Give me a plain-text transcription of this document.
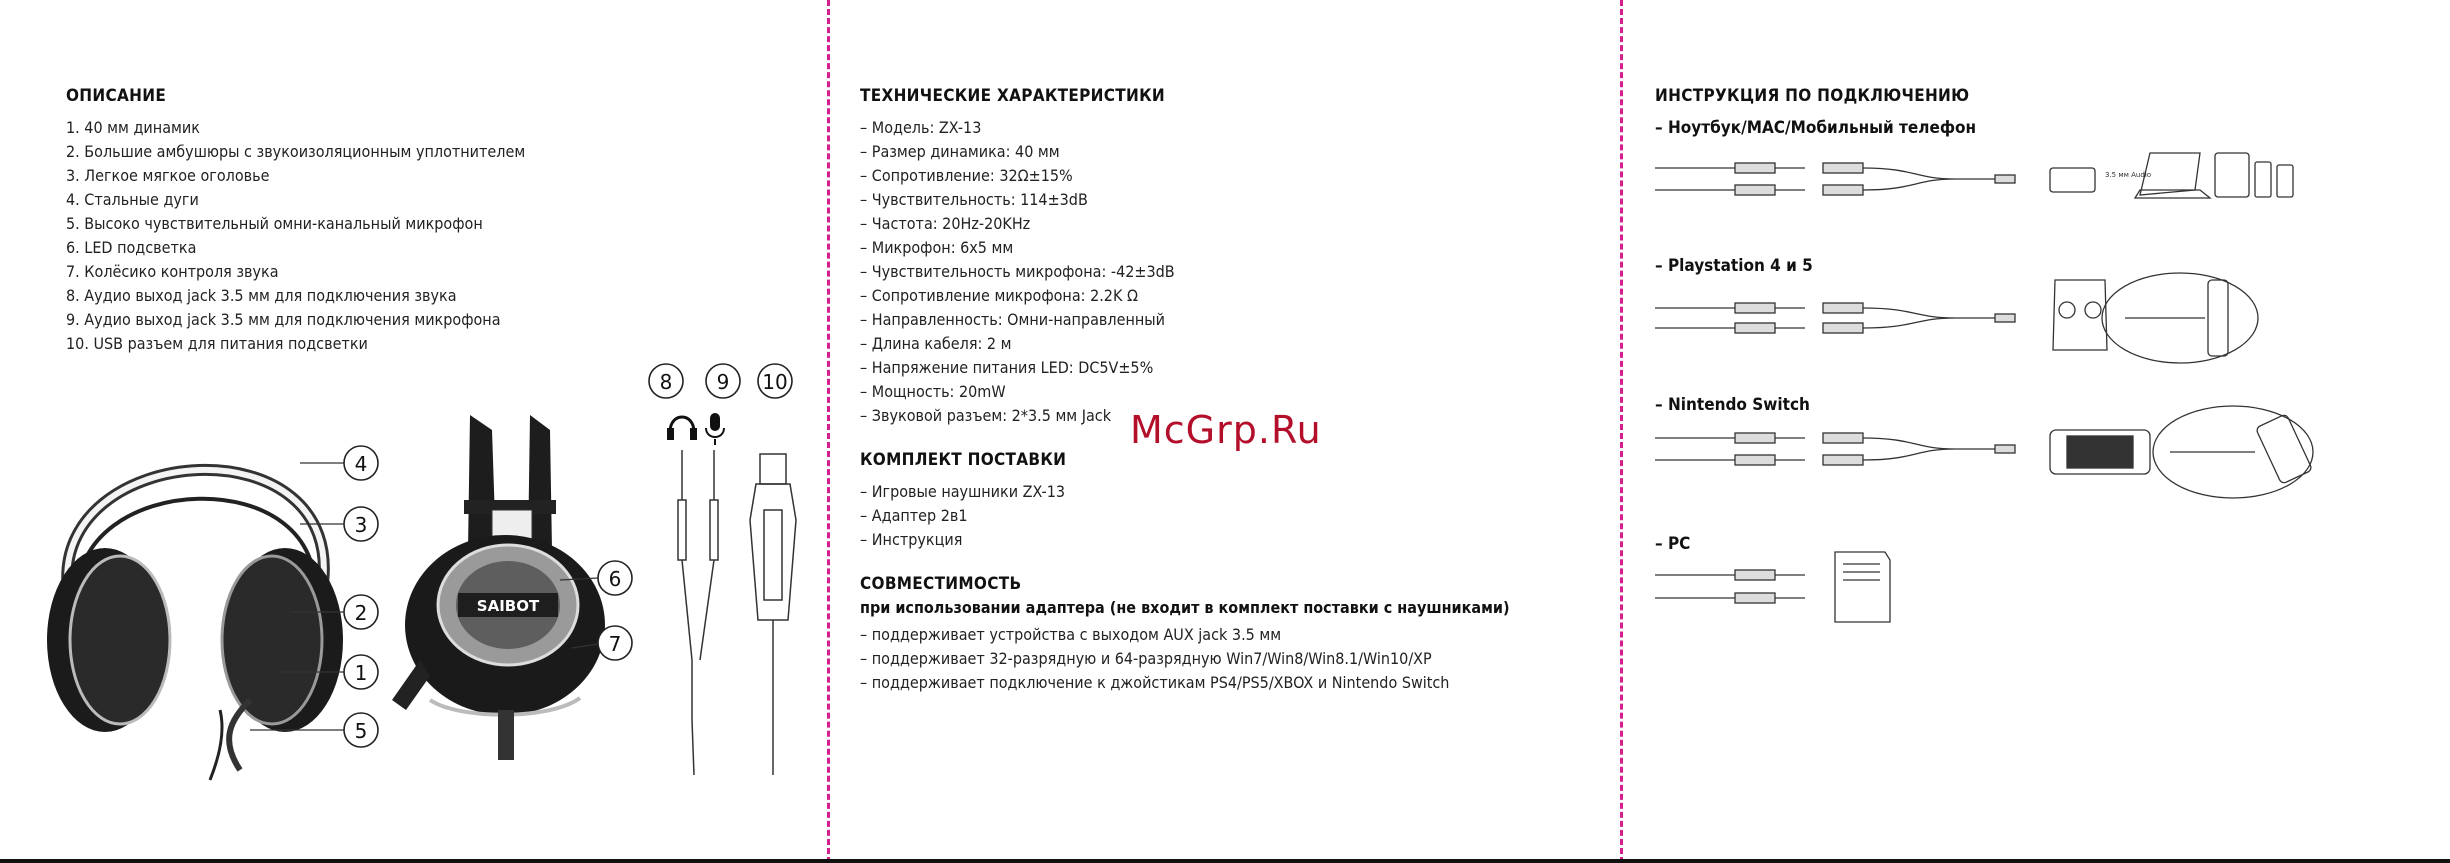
ОПИСАНИЕ
1. 40 мм динамик
2. Большие амбушюры с звукоизоляционным уплотнителем
3. Легкое мягкое оголовье
4. Стальные дуги
5. Высоко чувствительный омни-канальный микрофон
6. LED подсветка
7. Колёсико контроля звука
8. Аудио выход jack 3.5 мм для подключения звука
9. Аудио выход jack 3.5 мм для подключения микрофона
10. USB разъем для питания подсветки
4
3
2
1
5
SAIBOT
6
7
8 9 10
ТЕХНИЧЕСКИЕ ХАРАКТЕРИСТИКИ
– Модель: ZX-13
– Размер динамика: 40 мм
– Сопротивление: 32Ω±15%
– Чувствительность: 114±3dB
– Частота: 20Hz-20KHz
– Микрофон: 6x5 мм
– Чувствительность микрофона: -42±3dB
– Сопротивление микрофона: 2.2K Ω
– Направленность: Омни-направленный
– Длина кабеля: 2 м
– Напряжение питания LED: DC5V±5%
– Мощность: 20mW
– Звуковой разъем: 2*3.5 мм Jack
КОМПЛЕКТ ПОСТАВКИ
– Игровые наушники ZX-13
– Адаптер 2в1
– Инструкция
СОВМЕСТИМОСТЬ
при использовании адаптера (не входит в комплект поставки с наушниками)
– поддерживает устройства с выходом AUX jack 3.5 мм
– поддерживает 32-разрядную и 64-разрядную Win7/Win8/Win8.1/Win10/XP
– поддерживает подключение к джойстикам PS4/PS5/XBOX и Nintendo Switch
McGrp.Ru
ИНСТРУКЦИЯ ПО ПОДКЛЮЧЕНИЮ
– Ноутбук/MAC/Мобильный телефон
– Playstation 4 и 5
– Nintendo Switch
– PC
3.5 мм Audio
